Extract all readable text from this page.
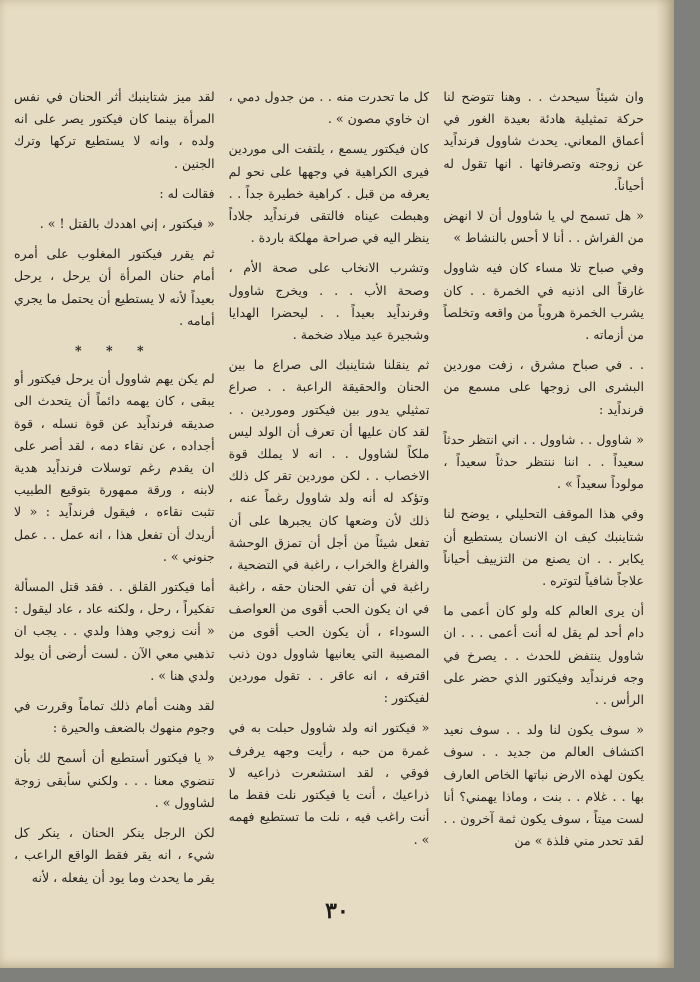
وان شيئاً سيحدث . . وهنا تتوضح لنا حركة تمثيلية هادئة بعيدة الغور في أعماق المعاني. يحدث شاوول فرنداًيد عن زوجته وتصرفاتها . انها تقول له أحياناً.

« هل تسمح لي يا شاوول أن لا انهض من الفراش . . أنا لا أحس بالنشاط »

وفي صباح تلا مساء كان فيه شاوول غارقاً الى اذنيه في الخمرة . . كان يشرب الخمرة هروباً من واقعه وتخلصاً من أزماته .

. . في صباح مشرق ، زفت موردين البشرى الى زوجها على مسمع من فرنداًيد :

« شاوول . . شاوول . . اني انتظر حدثاً سعيداً . . اننا ننتظر حدثاً سعيداً ، مولوداً سعيداً » .

وفي هذا الموقف التحليلي ، يوضح لنا شتاينبك كيف ان الانسان يستطيع أن يكابر . . ان يصنع من التزييف أحياناً علاجاً شافياً لتوتره .

أن يرى العالم كله ولو كان أعمى ما دام أحد لم يقل له أنت أعمى . . . ان شاوول ينتفض للحدث . . يصرخ في وجه فرنداًيد وفيكتور الذي حضر على الرأس . .

« سوف يكون لنا ولد . . سوف نعيد اكتشاف العالم من جديد . . سوف يكون لهذه الارض نباتها الخاص العارف بها . . غلام . . بنت ، وماذا يهمني؟ أنا لست ميتاً ، سوف يكون ثمة آخرون . . لقد تحدر مني فلذة » من

كل ما تحدرت منه . . من جدول دمي ، ان خاوي مصون » .

كان فيكتور يسمع ، يلتفت الى موردين فيرى الكراهية في وجهها على نحو لم يعرفه من قبل . كراهية خطيرة جداً . . وهبطت عيناه فالتقى فرنداًيد جلاداً ينظر اليه في صراحة مهلكة باردة .

وتشرب الانخاب على صحة الأم ، وصحة الأب . . . ويخرج شاوول وفرنداًيد بعيداً . . ليحضرا الهدايا وشجيرة عيد ميلاد ضخمة .

ثم ينقلنا شتاينبك الى صراع ما بين الحنان والحقيقة الراعبة . . صراع تمثيلي يدور بين فيكتور وموردين . . لقد كان عليها أن تعرف أن الولد ليس ملكاً لشاوول . . انه لا يملك قوة الاخصاب . . لكن موردين تقر كل ذلك وتؤكد له أنه ولد شاوول رغماً عنه ، ذلك لأن وضعها كان يجبرها على أن تفعل شيئاً من أجل أن تمزق الوحشة والفراغ والخراب ، راغبة في التضحية ، راغبة في أن تفي الحنان حقه ، راغبة في ان يكون الحب أقوى من العواصف السوداء ، أن يكون الحب أقوى من المصيبة التي يعانيها شاوول دون ذنب اقترفه ، انه عاقر . . تقول موردين لفيكتور :

« فيكتور انه ولد شاوول حبلت به في غمرة من حبه ، رأيت وجهه يرفرف فوقي ، لقد استشعرت ذراعيه لا ذراعيك ، أنت يا فيكتور نلت فقط ما أنت راغب فيه ، نلت ما تستطيع فهمه » .

لقد ميز شتاينبك أثر الحنان في نفس المرأة بينما كان فيكتور يصر على انه ولده ، وانه لا يستطيع تركها وترك الجنين .

فقالت له :

« فيكتور ، إني اهددك بالقتل ! » .

ثم يقرر فيكتور المغلوب على أمره أمام حنان المرأة أن يرحل ، يرحل بعيداً لأنه لا يستطيع أن يحتمل ما يجري أمامه .

* * *

لم يكن يهم شاوول أن يرحل فيكتور أو يبقى ، كان يهمه دائماً أن يتحدث الى صديقه فرنداًيد عن قوة نسله ، قوة أجداده ، عن نقاء دمه ، لقد أصر على ان يقدم رغم توسلات فرنداًيد هدية لابنه ، ورقة ممهورة بتوقيع الطبيب تثبت نقاءه ، فيقول فرنداًيد : « لا أريدك أن تفعل هذا ، انه عمل . . عمل جنوني » .

أما فيكتور القلق . . فقد قتل المسألة تفكيراً ، رحل ، ولكنه عاد ، عاد ليقول : « أنت زوجي وهذا ولدي . . يجب ان تذهبي معي الآن . لست أرضى أن يولد ولدي هنا » .

لقد وهنت أمام ذلك تماماً وقررت في وجوم منهوك بالضعف والحيرة :

« يا فيكتور أستطيع أن أسمح لك بأن تنضوي معنا . . . ولكني سأبقى زوجة لشاوول » .

لكن الرجل ينكر الحنان ، ينكر كل شيء ، انه يقر فقط الواقع الراعب ، يقر ما يحدث وما يود أن يفعله ، لأنه

٣٠
